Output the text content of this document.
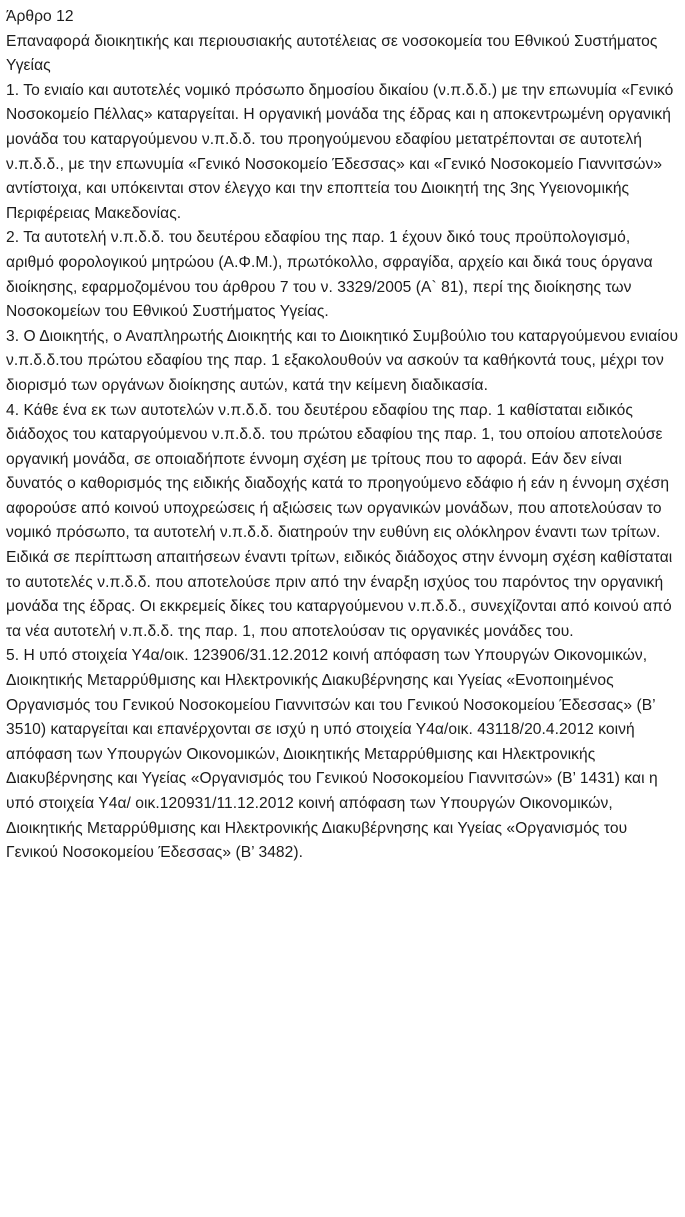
Άρθρο 12

Επαναφορά διοικητικής και περιουσιακής αυτοτέλειας σε νοσοκομεία του Εθνικού Συστήματος Υγείας

1. Το ενιαίο και αυτοτελές νομικό πρόσωπο δημοσίου δικαίου (ν.π.δ.δ.) με την επωνυμία «Γενικό Νοσοκομείο Πέλλας» καταργείται. Η οργανική μονάδα της έδρας και η αποκεντρωμένη οργανική μονάδα του καταργούμενου ν.π.δ.δ. του προηγούμενου εδαφίου μετατρέπονται σε αυτοτελή ν.π.δ.δ., με την επωνυμία «Γενικό Νοσοκομείο Έδεσσας» και «Γενικό Νοσοκομείο Γιαννιτσών» αντίστοιχα, και υπόκεινται στον έλεγχο και την εποπτεία του Διοικητή της 3ης Υγειονομικής Περιφέρειας Μακεδονίας.

2. Τα αυτοτελή ν.π.δ.δ. του δευτέρου εδαφίου της παρ. 1 έχουν δικό τους προϋπολογισμό, αριθμό φορολογικού μητρώου (Α.Φ.Μ.), πρωτόκολλο, σφραγίδα, αρχείο και δικά τους όργανα διοίκησης, εφαρμοζομένου του άρθρου 7 του ν. 3329/2005 (Α` 81), περί της διοίκησης των Νοσοκομείων του Εθνικού Συστήματος Υγείας.

3. Ο Διοικητής, ο Αναπληρωτής Διοικητής και το Διοικητικό Συμβούλιο του καταργούμενου ενιαίου ν.π.δ.δ.του πρώτου εδαφίου της παρ. 1 εξακολουθούν να ασκούν τα καθήκοντά τους, μέχρι τον διορισμό των οργάνων διοίκησης αυτών, κατά την κείμενη διαδικασία.

4. Κάθε ένα εκ των αυτοτελών ν.π.δ.δ. του δευτέρου εδαφίου της παρ. 1 καθίσταται ειδικός διάδοχος του καταργούμενου ν.π.δ.δ. του πρώτου εδαφίου της παρ. 1, του οποίου αποτελούσε οργανική μονάδα, σε οποιαδήποτε έννομη σχέση με τρίτους που το αφορά. Εάν δεν είναι δυνατός ο καθορισμός της ειδικής διαδοχής κατά το προηγούμενο εδάφιο ή εάν η έννομη σχέση αφορούσε από κοινού υποχρεώσεις ή αξιώσεις των οργανικών μονάδων, που αποτελούσαν το νομικό πρόσωπο, τα αυτοτελή ν.π.δ.δ. διατηρούν την ευθύνη εις ολόκληρον έναντι των τρίτων. Ειδικά σε περίπτωση απαιτήσεων έναντι τρίτων, ειδικός διάδοχος στην έννομη σχέση καθίσταται το αυτοτελές ν.π.δ.δ. που αποτελούσε πριν από την έναρξη ισχύος του παρόντος την οργανική μονάδα της έδρας. Οι εκκρεμείς δίκες του καταργούμενου ν.π.δ.δ., συνεχίζονται από κοινού από τα νέα αυτοτελή ν.π.δ.δ. της παρ. 1, που αποτελούσαν τις οργανικές μονάδες του.

5. Η υπό στοιχεία Υ4α/οικ. 123906/31.12.2012 κοινή απόφαση των Υπουργών Οικονομικών, Διοικητικής Μεταρρύθμισης και Ηλεκτρονικής Διακυβέρνησης και Υγείας «Ενοποιημένος Οργανισμός του Γενικού Νοσοκομείου Γιαννιτσών και του Γενικού Νοσοκομείου Έδεσσας» (Β’ 3510) καταργείται και επανέρχονται σε ισχύ η υπό στοιχεία Υ4α/οικ. 43118/20.4.2012 κοινή απόφαση των Υπουργών Οικονομικών, Διοικητικής Μεταρρύθμισης και Ηλεκτρονικής Διακυβέρνησης και Υγείας «Οργανισμός του Γενικού Νοσοκομείου Γιαννιτσών» (Β’ 1431) και η υπό στοιχεία Υ4α/ οικ.120931/11.12.2012 κοινή απόφαση των Υπουργών Οικονομικών, Διοικητικής Μεταρρύθμισης και Ηλεκτρονικής Διακυβέρνησης και Υγείας «Οργανισμός του Γενικού Νοσοκομείου Έδεσσας» (Β’ 3482).
